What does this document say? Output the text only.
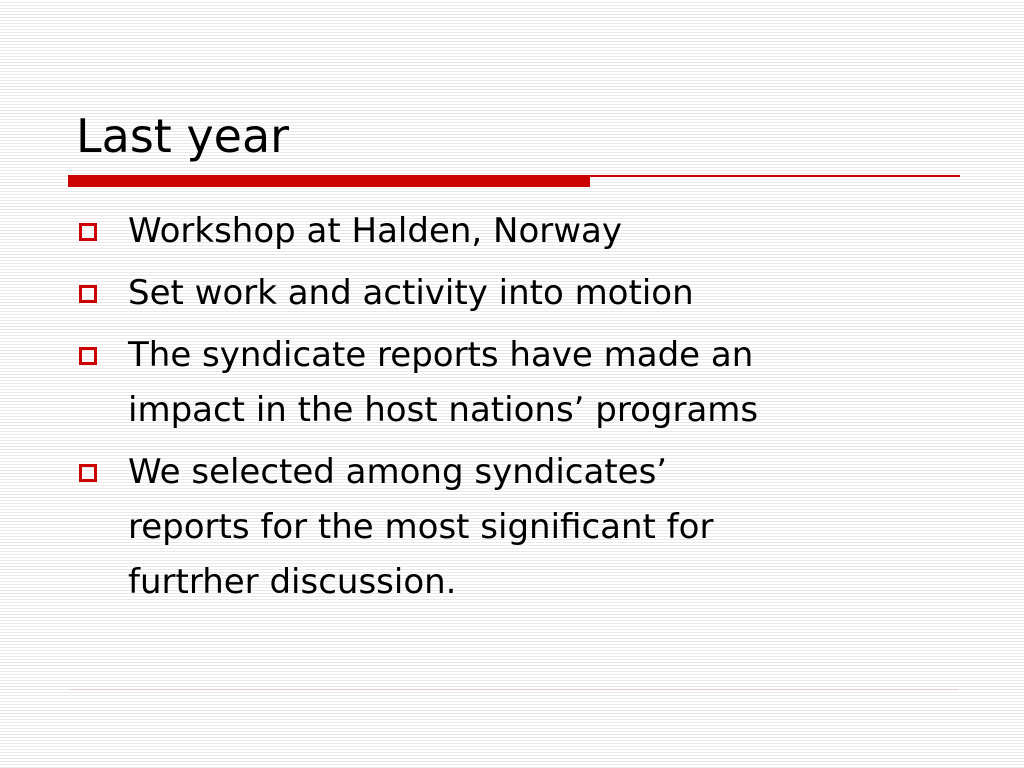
Last year
Workshop at Halden, Norway
Set work and activity into motion
The syndicate reports have made an
impact in the host nations’ programs
We selected among syndicates’
reports for the most significant for
furtrher discussion.
